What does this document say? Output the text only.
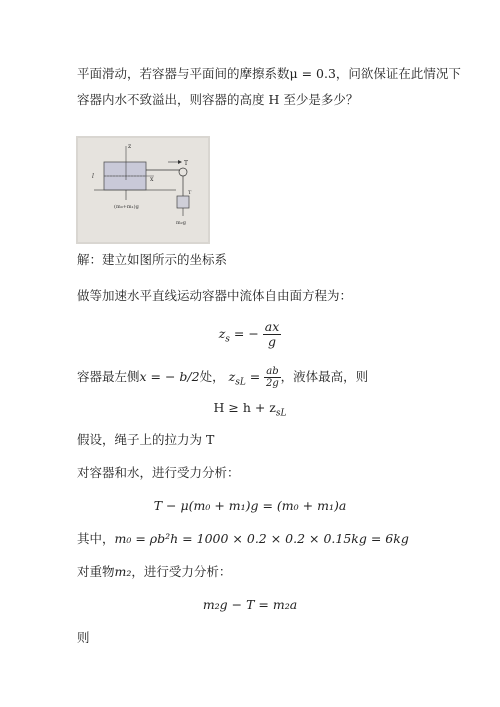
平面滑动，若容器与平面间的摩擦系数μ = 0.3，问欲保证在此情况下
容器内水不致溢出，则容器的高度 H 至少是多少？
z
x
l
T
T
(m₀+m₁)g
m₂g
解：建立如图所示的坐标系
做等加速水平直线运动容器中流体自由面方程为：
$z_s$ = − $\frac{ax}{g}$
容器最左侧x = − b/2处， $z_{sL} = \frac{ab}{2g}$ ，液体最高，则
$H \ge h + z_{sL}$
假设，绳子上的拉力为 T
对容器和水，进行受力分析：
T − μ(m₀ + m₁)g = (m₀ + m₁)a
其中，m₀ = ρb²h = 1000 × 0.2 × 0.2 × 0.15kg = 6kg
对重物m₂，进行受力分析：
m₂g − T = m₂a
则
